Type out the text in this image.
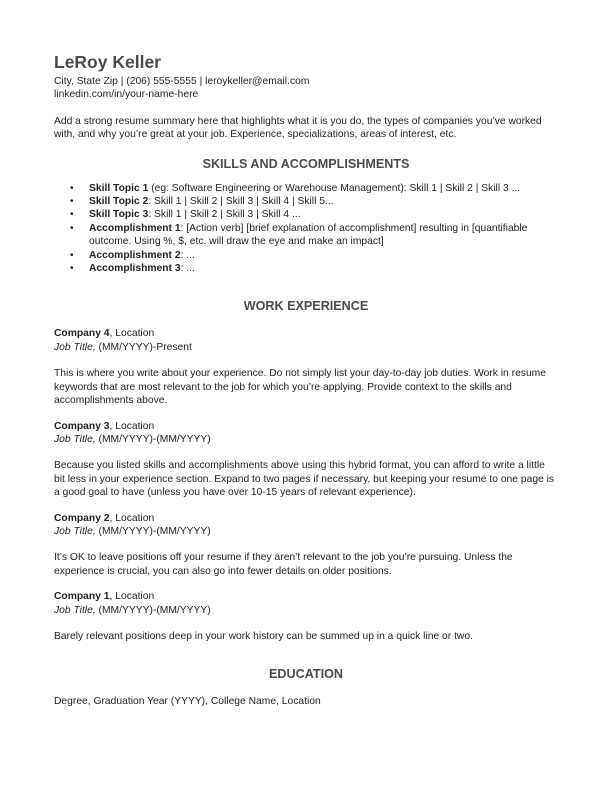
LeRoy Keller

City, State Zip | (206) 555-5555 | leroykeller@email.com

linkedin.com/in/your-name-here

Add a strong resume summary here that highlights what it is you do, the types of companies you’ve worked with, and why you’re great at your job. Experience, specializations, areas of interest, etc.

SKILLS AND ACCOMPLISHMENTS
• Skill Topic 1 (eg: Software Engineering or Warehouse Management): Skill 1 | Skill 2 | Skill 3 ...
• Skill Topic 2: Skill 1 | Skill 2 | Skill 3 | Skill 4 | Skill 5...
• Skill Topic 3: Skill 1 | Skill 2 | Skill 3 | Skill 4 ...
• Accomplishment 1: [Action verb] [brief explanation of accomplishment] resulting in [quantifiable outcome. Using %, $, etc. will draw the eye and make an impact]
• Accomplishment 2: ...
• Accomplishment 3: ...
WORK EXPERIENCE

Company 4, Location

Job Title, (MM/YYYY)-Present

This is where you write about your experience. Do not simply list your day-to-day job duties. Work in resume keywords that are most relevant to the job for which you’re applying. Provide context to the skills and accomplishments above.

Company 3, Location

Job Title, (MM/YYYY)-(MM/YYYY)

Because you listed skills and accomplishments above using this hybrid format, you can afford to write a little bit less in your experience section. Expand to two pages if necessary, but keeping your resume to one page is a good goal to have (unless you have over 10-15 years of relevant experience).

Company 2, Location

Job Title, (MM/YYYY)-(MM/YYYY)

It’s OK to leave positions off your resume if they aren’t relevant to the job you’re pursuing. Unless the experience is crucial, you can also go into fewer details on older positions.

Company 1, Location

Job Title, (MM/YYYY)-(MM/YYYY)

Barely relevant positions deep in your work history can be summed up in a quick line or two.

EDUCATION

Degree, Graduation Year (YYYY), College Name, Location
